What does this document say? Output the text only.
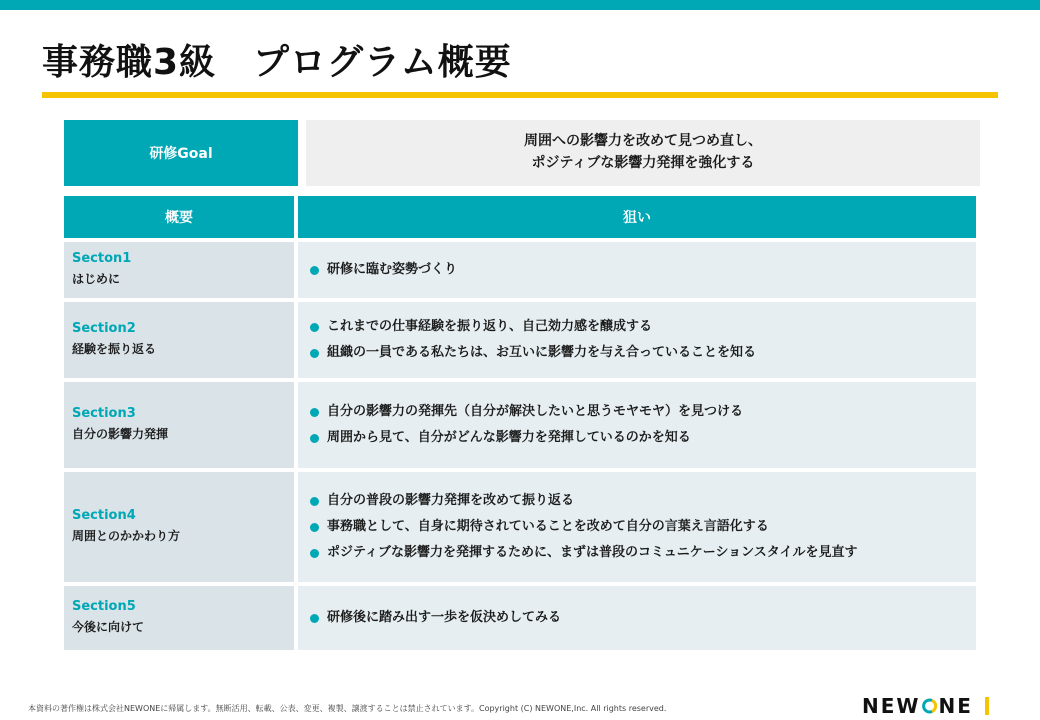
事務職3級　プログラム概要
研修Goal
周囲への影響力を改めて見つめ直し、
ポジティブな影響力発揮を強化する
概要	狙い
Secton1
はじめに
研修に臨む姿勢づくり
Section2
経験を振り返る
これまでの仕事経験を振り返り、自己効力感を醸成する
組織の一員である私たちは、お互いに影響力を与え合っていることを知る
Section3
自分の影響力発揮
自分の影響力の発揮先（自分が解決したいと思うモヤモヤ）を見つける
周囲から見て、自分がどんな影響力を発揮しているのかを知る
Section4
周囲とのかかわり方
自分の普段の影響力発揮を改めて振り返る
事務職として、自身に期待されていることを改めて自分の言葉え言語化する
ポジティブな影響力を発揮するために、まずは普段のコミュニケーションスタイルを見直す
Section5
今後に向けて
研修後に踏み出す一歩を仮決めしてみる
本資料の著作権は株式会社NEWONEに帰属します。無断活用、転載、公表、変更、複製、譲渡することは禁止されています。Copyright (C) NEWONE,Inc. All rights reserved.	NEW NE
